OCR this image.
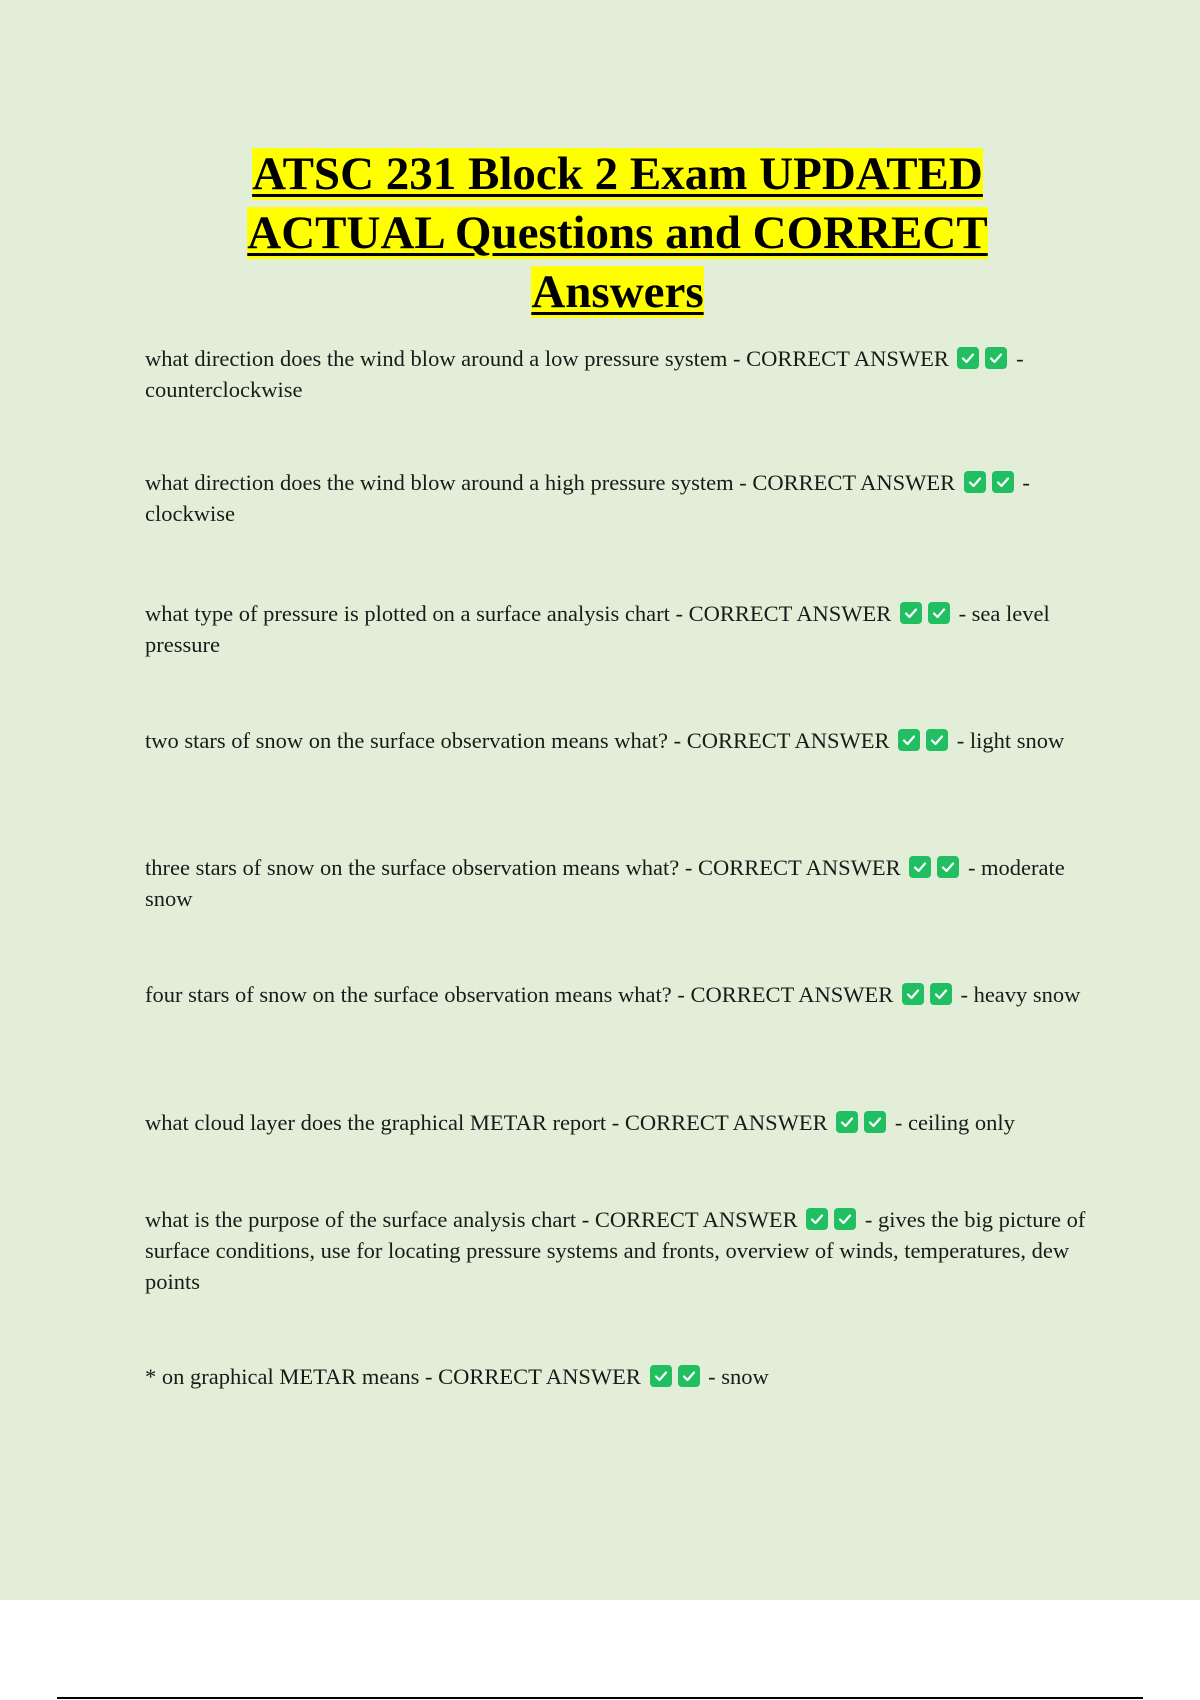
ATSC 231 Block 2 Exam UPDATED
ACTUAL Questions and CORRECT
Answers

what direction does the wind blow around a low pressure system - CORRECT ANSWER	- counterclockwise

what direction does the wind blow around a high pressure system - CORRECT ANSWER	- clockwise

what type of pressure is plotted on a surface analysis chart - CORRECT ANSWER	- sea level pressure

two stars of snow on the surface observation means what? - CORRECT ANSWER	- light snow

three stars of snow on the surface observation means what? - CORRECT ANSWER	- moderate snow

four stars of snow on the surface observation means what? - CORRECT ANSWER	- heavy snow

what cloud layer does the graphical METAR report - CORRECT ANSWER	- ceiling only

what is the purpose of the surface analysis chart - CORRECT ANSWER	- gives the big picture of surface conditions, use for locating pressure systems and fronts, overview of winds, temperatures, dew points

* on graphical METAR means - CORRECT ANSWER	- snow
